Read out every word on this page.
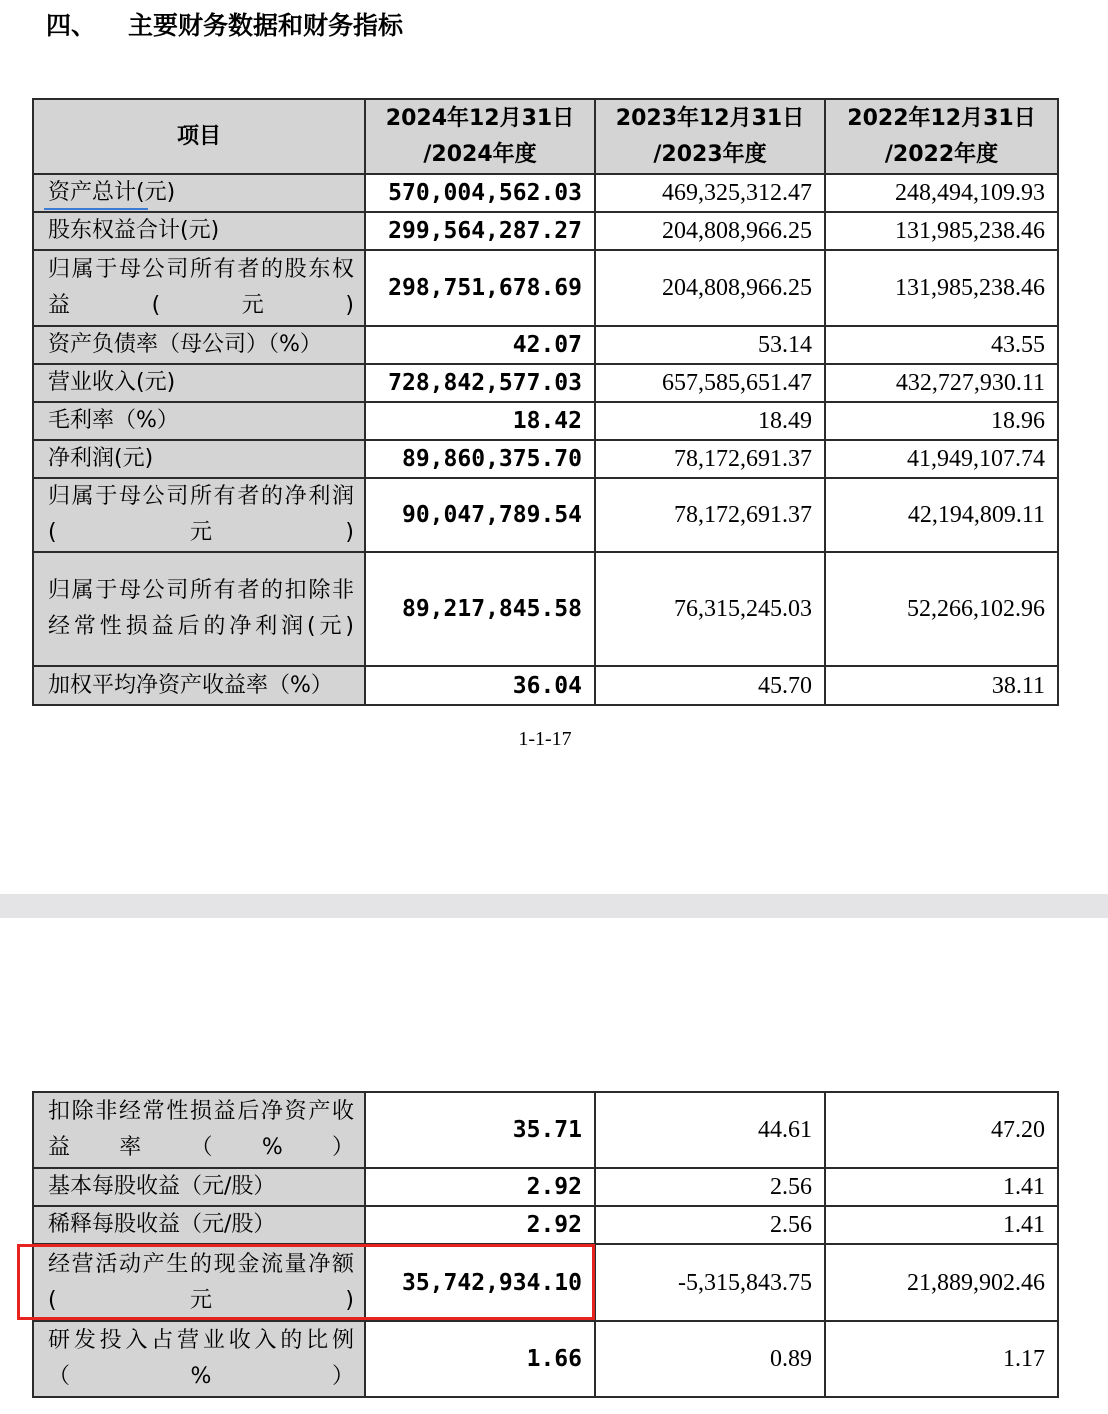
四、 主要财务数据和财务指标
项目	2024年12月31日 /2024年度	2023年12月31日 /2023年度	2022年12月31日 /2022年度
资产总计(元)	570,004,562.03	469,325,312.47	248,494,109.93
股东权益合计(元)	299,564,287.27	204,808,966.25	131,985,238.46
归属于母公司所有者的股东权益(元)	298,751,678.69	204,808,966.25	131,985,238.46
资产负债率（母公司）（%）	42.07	53.14	43.55
营业收入(元)	728,842,577.03	657,585,651.47	432,727,930.11
毛利率（%）	18.42	18.49	18.96
净利润(元)	89,860,375.70	78,172,691.37	41,949,107.74
归属于母公司所有者的净利润(元)	90,047,789.54	78,172,691.37	42,194,809.11
归属于母公司所有者的扣除非经常性损益后的净利润(元)	89,217,845.58	76,315,245.03	52,266,102.96
加权平均净资产收益率（%）	36.04	45.70	38.11
1-1-17
扣除非经常性损益后净资产收益率（%）	35.71	44.61	47.20
基本每股收益（元/股）	2.92	2.56	1.41
稀释每股收益（元/股）	2.92	2.56	1.41
经营活动产生的现金流量净额(元)	35,742,934.10	-5,315,843.75	21,889,902.46
研发投入占营业收入的比例（%）	1.66	0.89	1.17
